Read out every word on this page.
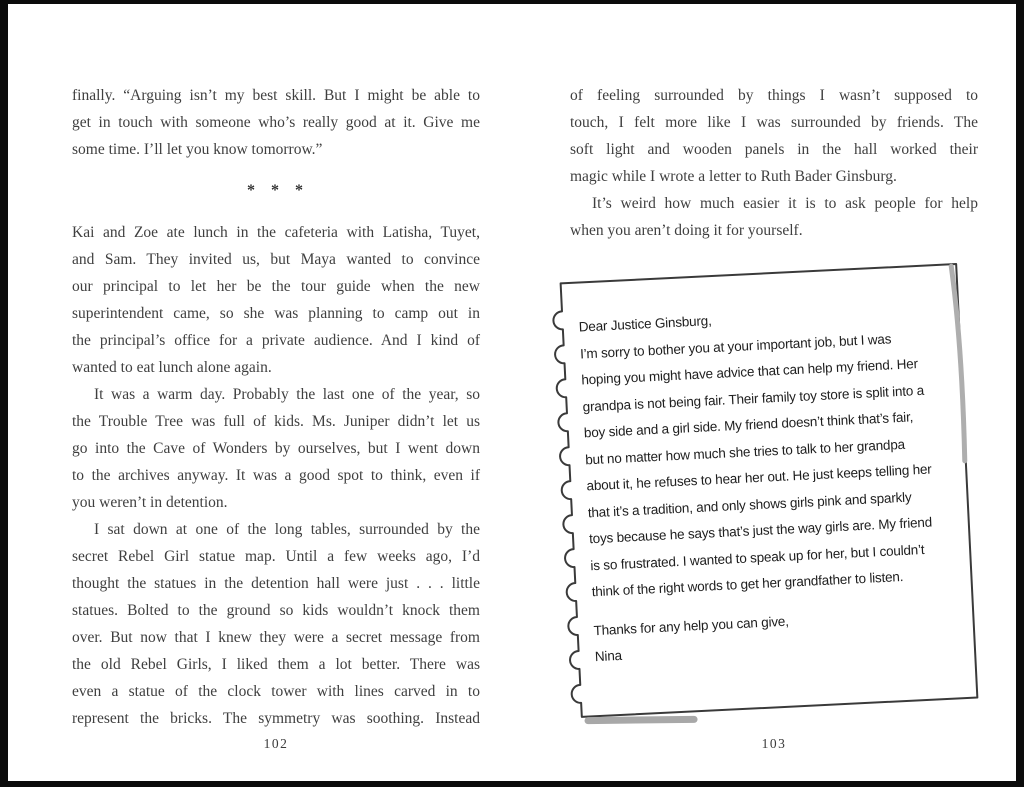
finally. “Arguing isn’t my best skill. But I might be able to
get in touch with someone who’s really good at it. Give me
some time. I’ll let you know tomorrow.”
* * *
Kai and Zoe ate lunch in the cafeteria with Latisha, Tuyet,
and Sam. They invited us, but Maya wanted to convince
our principal to let her be the tour guide when the new
superintendent came, so she was planning to camp out in
the principal’s office for a private audience. And I kind of
wanted to eat lunch alone again.
It was a warm day. Probably the last one of the year, so
the Trouble Tree was full of kids. Ms. Juniper didn’t let us
go into the Cave of Wonders by ourselves, but I went down
to the archives anyway. It was a good spot to think, even if
you weren’t in detention.
I sat down at one of the long tables, surrounded by the
secret Rebel Girl statue map. Until a few weeks ago, I’d
thought the statues in the detention hall were just . . . little
statues. Bolted to the ground so kids wouldn’t knock them
over. But now that I knew they were a secret message from
the old Rebel Girls, I liked them a lot better. There was
even a statue of the clock tower with lines carved in to
represent the bricks. The symmetry was soothing. Instead
102
of feeling surrounded by things I wasn’t supposed to
touch, I felt more like I was surrounded by friends. The
soft light and wooden panels in the hall worked their
magic while I wrote a letter to Ruth Bader Ginsburg.
It’s weird how much easier it is to ask people for help
when you aren’t doing it for yourself.
103
Dear Justice Ginsburg,
I’m sorry to bother you at your important job, but I was
hoping you might have advice that can help my friend. Her
grandpa is not being fair. Their family toy store is split into a
boy side and a girl side. My friend doesn’t think that’s fair,
but no matter how much she tries to talk to her grandpa
about it, he refuses to hear her out. He just keeps telling her
that it’s a tradition, and only shows girls pink and sparkly
toys because he says that’s just the way girls are. My friend
is so frustrated. I wanted to speak up for her, but I couldn’t
think of the right words to get her grandfather to listen.
Thanks for any help you can give,
Nina
